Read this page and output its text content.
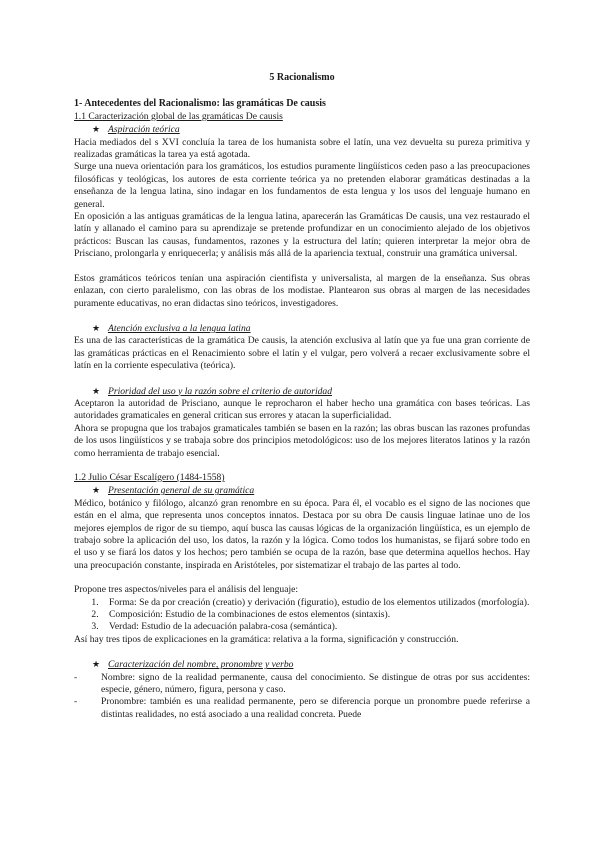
5 Racionalismo
1- Antecedentes del Racionalismo: las gramáticas De causis
1.1 Caracterización global de las gramáticas De causis
★ Aspiración teórica

Hacia mediados del s XVI concluía la tarea de los humanista sobre el latín, una vez devuelta su pureza primitiva y realizadas gramáticas la tarea ya está agotada.

Surge una nueva orientación para los gramáticos, los estudios puramente lingüísticos ceden paso a las preocupaciones filosóficas y teológicas, los autores de esta corriente teórica ya no pretenden elaborar gramáticas destinadas a la enseñanza de la lengua latina, sino indagar en los fundamentos de esta lengua y los usos del lenguaje humano en general.

En oposición a las antiguas gramáticas de la lengua latina, aparecerán las Gramáticas De causis, una vez restaurado el latín y allanado el camino para su aprendizaje se pretende profundizar en un conocimiento alejado de los objetivos prácticos: Buscan las causas, fundamentos, razones y la estructura del latín; quieren interpretar la mejor obra de Prisciano, prolongarla y enriquecerla; y análisis más allá de la apariencia textual, construir una gramática universal.

Estos gramáticos teóricos tenían una aspiración cientifista y universalista, al margen de la enseñanza. Sus obras enlazan, con cierto paralelismo, con las obras de los modistae. Plantearon sus obras al margen de las necesidades puramente educativas, no eran didactas sino teóricos, investigadores.

★ Atención exclusiva a la lengua latina

Es una de las características de la gramática De causis, la atención exclusiva al latín que ya fue una gran corriente de las gramáticas prácticas en el Renacimiento sobre el latín y el vulgar, pero volverá a recaer exclusivamente sobre el latín en la corriente especulativa (teórica).

★ Prioridad del uso y la razón sobre el criterio de autoridad

Aceptaron la autoridad de Prisciano, aunque le reprocharon el haber hecho una gramática con bases teóricas. Las autoridades gramaticales en general critican sus errores y atacan la superficialidad.

Ahora se propugna que los trabajos gramaticales también se basen en la razón; las obras buscan las razones profundas de los usos lingüísticos y se trabaja sobre dos principios metodológicos: uso de los mejores literatos latinos y la razón como herramienta de trabajo esencial.

1.2 Julio César Escalígero (1484-1558)
★ Presentación general de su gramática

Médico, botánico y filólogo, alcanzó gran renombre en su época. Para él, el vocablo es el signo de las nociones que están en el alma, que representa unos conceptos innatos. Destaca por su obra De causis linguae latinae uno de los mejores ejemplos de rigor de su tiempo, aquí busca las causas lógicas de la organización lingüística, es un ejemplo de trabajo sobre la aplicación del uso, los datos, la razón y la lógica. Como todos los humanistas, se fijará sobre todo en el uso y se fiará los datos y los hechos; pero también se ocupa de la razón, base que determina aquellos hechos. Hay una preocupación constante, inspirada en Aristóteles, por sistematizar el trabajo de las partes al todo.

Propone tres aspectos/niveles para el análisis del lenguaje:

1. Forma: Se da por creación (creatio) y derivación (figuratio), estudio de los elementos utilizados (morfología).
2. Composición: Estudio de la combinaciones de estos elementos (sintaxis).
3. Verdad: Estudio de la adecuación palabra-cosa (semántica).

Así hay tres tipos de explicaciones en la gramática: relativa a la forma, significación y construcción.

★ Caracterización del nombre, pronombre y verbo
-	Nombre: signo de la realidad permanente, causa del conocimiento. Se distingue de otras por sus accidentes: especie, género, número, figura, persona y caso.
-	Pronombre: también es una realidad permanente, pero se diferencia porque un pronombre puede referirse a distintas realidades, no está asociado a una realidad concreta. Puede
